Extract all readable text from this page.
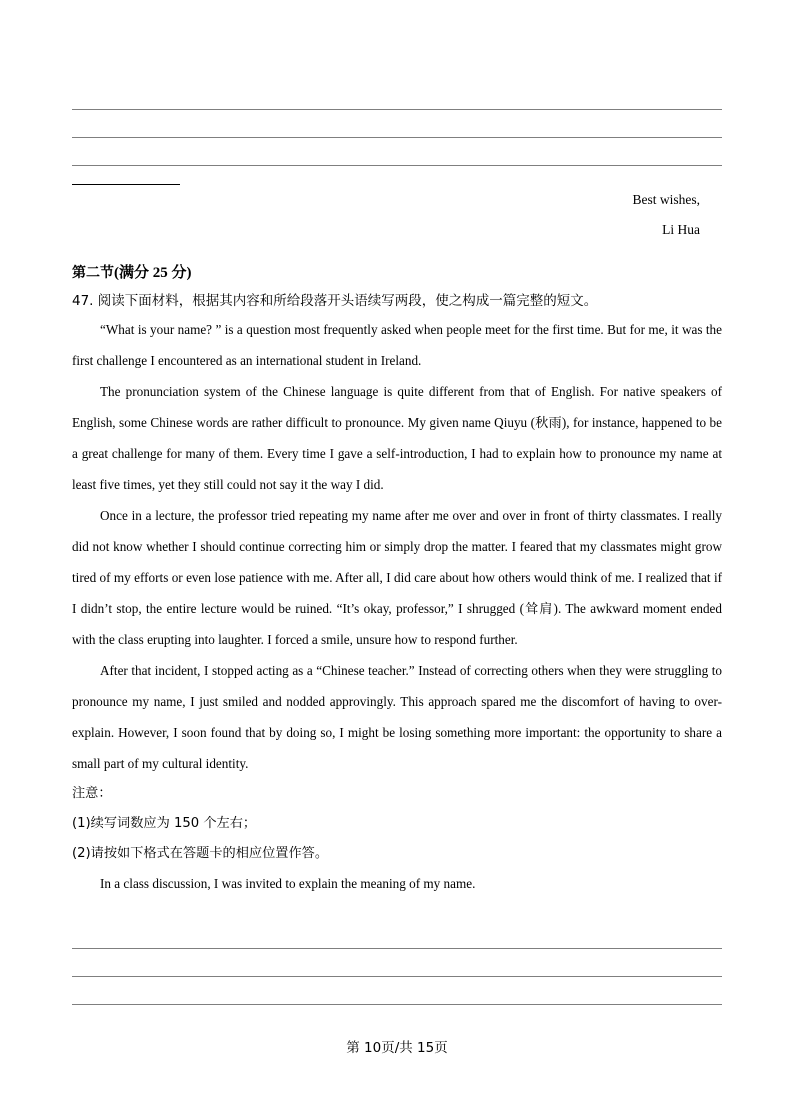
Best wishes,
Li Hua
第二节(满分 25 分)
47. 阅读下面材料，根据其内容和所给段落开头语续写两段，使之构成一篇完整的短文。

“What is your name? ” is a question most frequently asked when people meet for the first time. But for me, it was the first challenge I encountered as an international student in Ireland.

The pronunciation system of the Chinese language is quite different from that of English. For native speakers of English, some Chinese words are rather difficult to pronounce. My given name Qiuyu (秋雨), for instance, happened to be a great challenge for many of them. Every time I gave a self-introduction, I had to explain how to pronounce my name at least five times, yet they still could not say it the way I did.

Once in a lecture, the professor tried repeating my name after me over and over in front of thirty classmates. I really did not know whether I should continue correcting him or simply drop the matter. I feared that my classmates might grow tired of my efforts or even lose patience with me. After all, I did care about how others would think of me. I realized that if I didn’t stop, the entire lecture would be ruined. “It’s okay, professor,” I shrugged (耸肩). The awkward moment ended with the class erupting into laughter. I forced a smile, unsure how to respond further.

After that incident, I stopped acting as a “Chinese teacher.” Instead of correcting others when they were struggling to pronounce my name, I just smiled and nodded approvingly. This approach spared me the discomfort of having to over-explain. However, I soon found that by doing so, I might be losing something more important: the opportunity to share a small part of my cultural identity.

注意：

(1)续写词数应为 150 个左右；

(2)请按如下格式在答题卡的相应位置作答。

In a class discussion, I was invited to explain the meaning of my name.

第 10页/共 15页
